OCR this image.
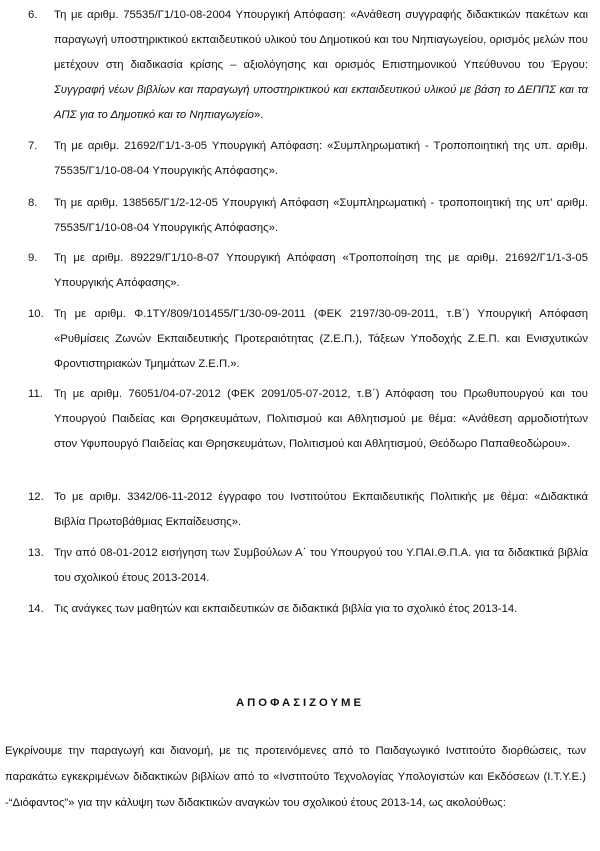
6.	Τη με αριθμ. 75535/Γ1/10-08-2004 Υπουργική Απόφαση: «Ανάθεση συγγραφής διδακτικών πακέτων και παραγωγή υποστηρικτικού εκπαιδευτικού υλικού του Δημοτικού και του Νηπιαγωγείου, ορισμός μελών που μετέχουν στη διαδικασία κρίσης – αξιολόγησης και ορισμός Επιστημονικού Υπεύθυνου του Έργου: Συγγραφή νέων βιβλίων και παραγωγή υποστηρικτικού και εκπαιδευτικού υλικού με βάση το ΔΕΠΠΣ και τα ΑΠΣ για το Δημοτικό και το Νηπιαγωγείο».
7.	Τη με αριθμ. 21692/Γ1/1-3-05 Υπουργική Απόφαση: «Συμπληρωματική - Τροποποιητική της υπ. αριθμ. 75535/Γ1/10-08-04 Υπουργικής Απόφασης».
8.	Τη με αριθμ. 138565/Γ1/2-12-05 Υπουργική Απόφαση «Συμπληρωματική - τροποποιητική της υπ’ αριθμ. 75535/Γ1/10-08-04 Υπουργικής Απόφασης».
9.	Τη με αριθμ. 89229/Γ1/10-8-07 Υπουργική Απόφαση «Τροποποίηση της με αριθμ. 21692/Γ1/1-3-05 Υπουργικής Απόφασης».
10. Τη με αριθμ. Φ.1ΤΥ/809/101455/Γ1/30-09-2011 (ΦΕΚ 2197/30-09-2011, τ.Β΄) Υπουργική Απόφαση «Ρυθμίσεις Ζωνών Εκπαιδευτικής Προτεραιότητας (Ζ.Ε.Π.), Τάξεων Υποδοχής Ζ.Ε.Π. και Ενισχυτικών Φροντιστηριακών Τμημάτων Ζ.Ε.Π.».
11. Τη με αριθμ. 76051/04-07-2012 (ΦΕΚ 2091/05-07-2012, τ.Β΄) Απόφαση του Πρωθυπουργού και του Υπουργού Παιδείας και Θρησκευμάτων, Πολιτισμού και Αθλητισμού με θέμα: «Ανάθεση αρμοδιοτήτων στον Υφυπουργό Παιδείας και Θρησκευμάτων, Πολιτισμού και Αθλητισμού, Θεόδωρο Παπαθεοδώρου».
12. Το με αριθμ. 3342/06-11-2012 έγγραφο του Ινστιτούτου Εκπαιδευτικής Πολιτικής με θέμα: «Διδακτικά Βιβλία Πρωτοβάθμιας Εκπαίδευσης».
13. Την από 08-01-2012 εισήγηση των Συμβούλων Α΄ του Υπουργού του Υ.ΠΑΙ.Θ.Π.Α. για τα διδακτικά βιβλία του σχολικού έτους 2013-2014.
14. Τις ανάγκες των μαθητών και εκπαιδευτικών σε διδακτικά βιβλία για το σχολικό έτος 2013-14.
ΑΠΟΦΑΣΙΖΟΥΜΕ
Εγκρίνουμε την παραγωγή και διανομή, με τις προτεινόμενες από το Παιδαγωγικό Ινστιτούτο διορθώσεις, των παρακάτω εγκεκριμένων διδακτικών βιβλίων από το «Ινστιτούτο Τεχνολογίας Υπολογιστών και Εκδόσεων (Ι.Τ.Υ.Ε.) -“Διόφαντος”» για την κάλυψη των διδακτικών αναγκών του σχολικού έτους 2013-14, ως ακολούθως:
